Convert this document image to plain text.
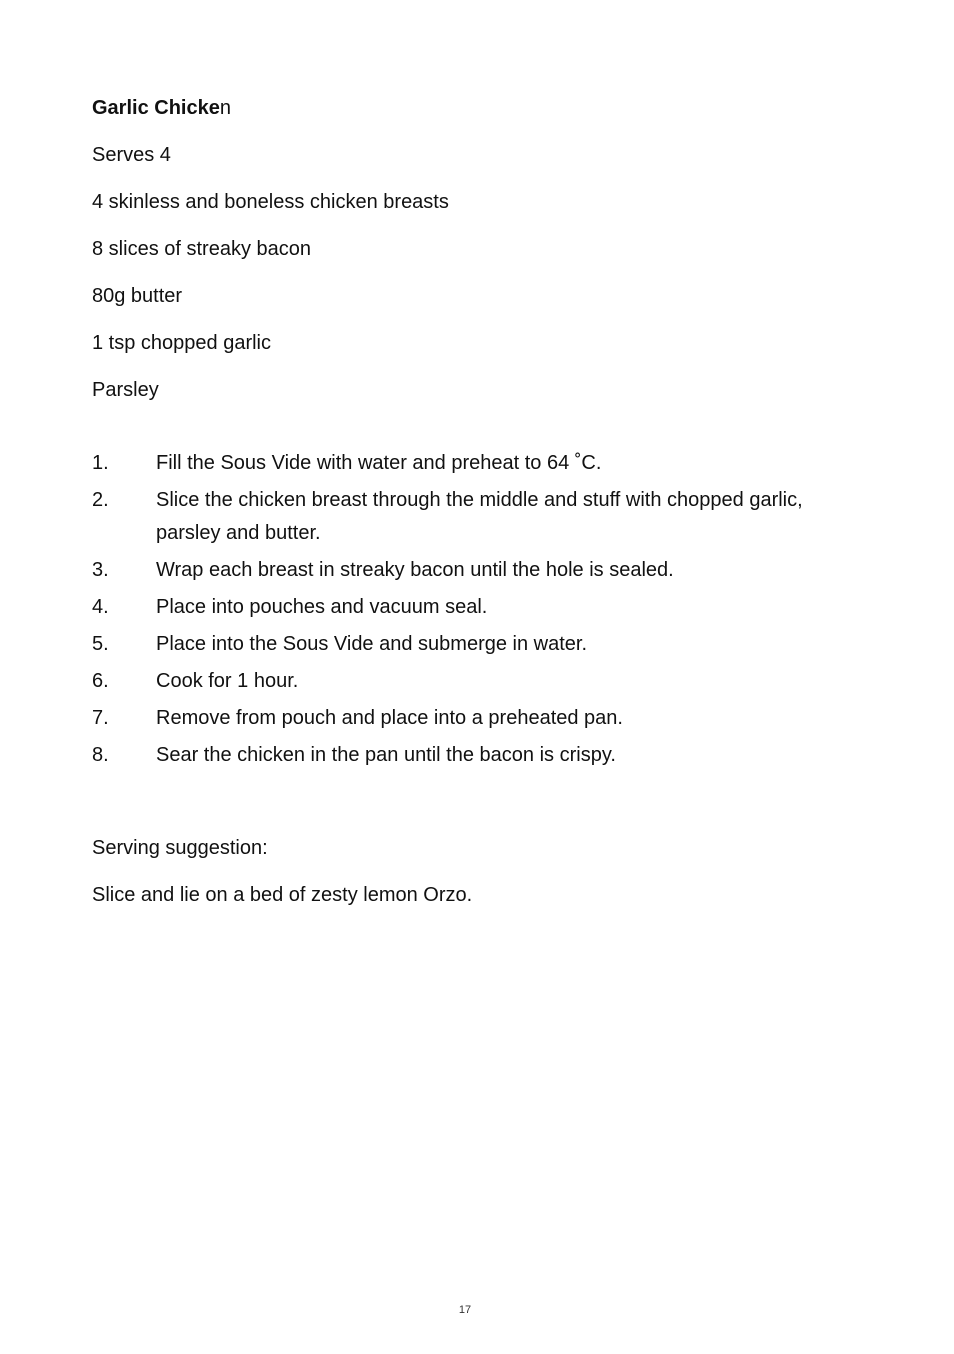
Garlic Chicken

Serves 4

4 skinless and boneless chicken breasts

8 slices of streaky bacon

80g butter

1 tsp chopped garlic

Parsley

1.	Fill the Sous Vide with water and preheat to 64 ˚C.
2.	Slice the chicken breast through the middle and stuff with chopped garlic, parsley and butter.
3.	Wrap each breast in streaky bacon until the hole is sealed.
4.	Place into pouches and vacuum seal.
5.	Place into the Sous Vide and submerge in water.
6.	Cook for 1 hour.
7.	Remove from pouch and place into a preheated pan.
8.	Sear the chicken in the pan until the bacon is crispy.

Serving suggestion:

Slice and lie on a bed of zesty lemon Orzo.

17
